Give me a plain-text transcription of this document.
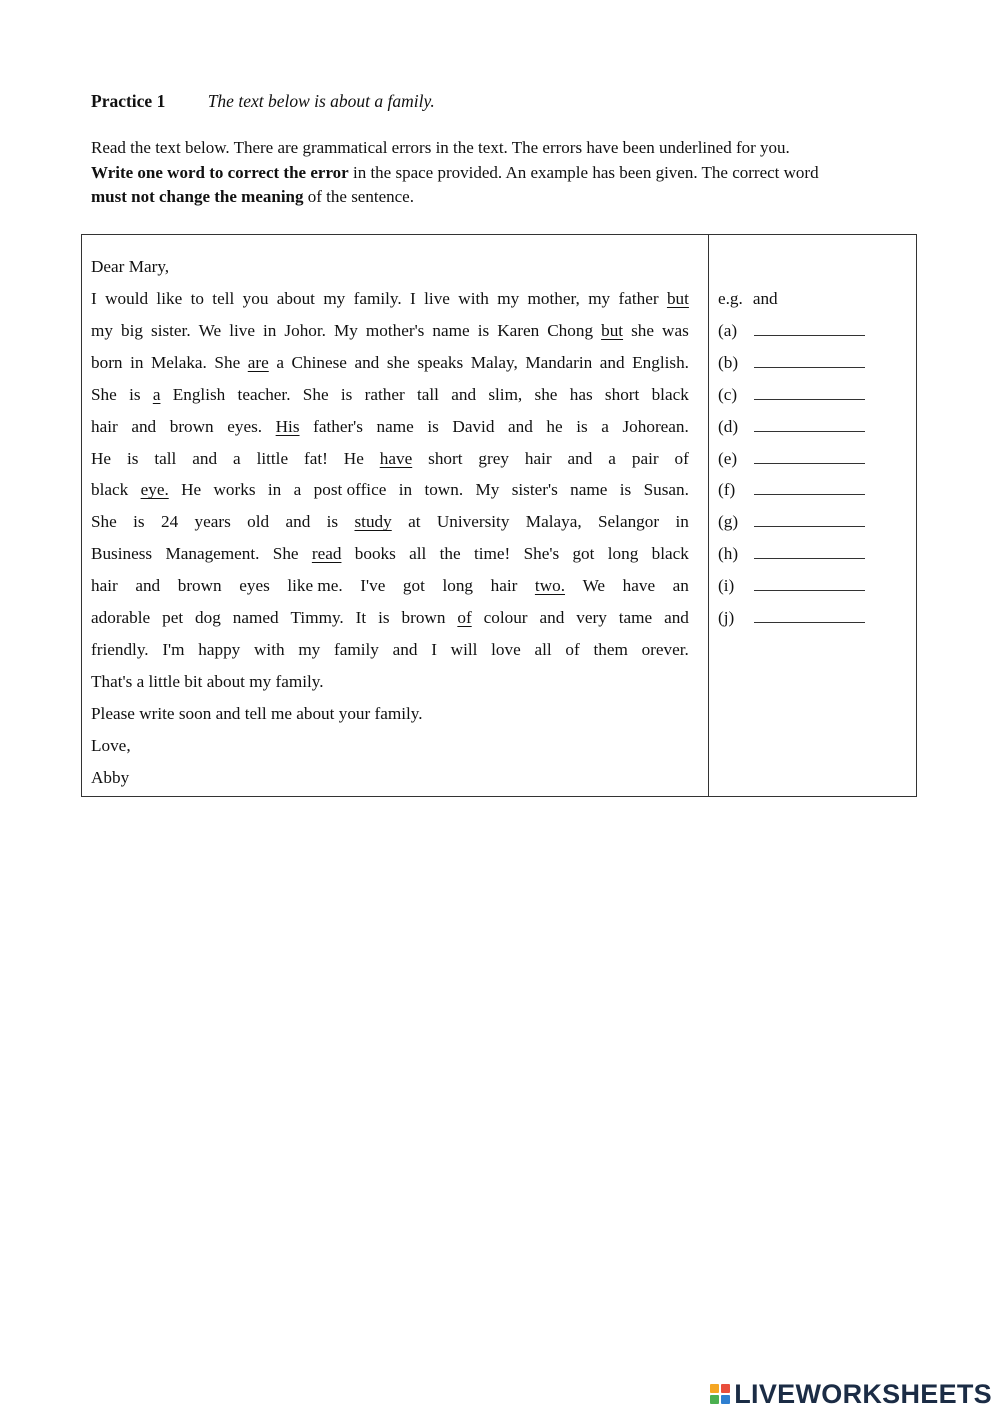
Practice 1 The text below is about a family.
Read the text below. There are grammatical errors in the text. The errors have been underlined for you.
Write one word to correct the error in the space provided. An example has been given. The correct word
must not change the meaning of the sentence.
Dear Mary,
I would like to tell you about my family. I live with my mother, my father but
my big sister. We live in Johor. My mother's name is Karen Chong but she was
born in Melaka. She are a Chinese and she speaks Malay, Mandarin and English.
She is a English teacher. She is rather tall and slim, she has short black
hair and brown eyes. His father's name is David and he is a Johorean.
He is tall and a little fat! He have short grey hair and a pair of
black eye. He works in a post office in town. My sister's name is Susan.
She is 24 years old and is study at University Malaya, Selangor in
Business Management. She read books all the time! She's got long black
hair and brown eyes like me. I've got long hair two. We have an
adorable pet dog named Timmy. It is brown of colour and very tame and
friendly. I'm happy with my family and I will love all of them orever.
That's a little bit about my family.
Please write soon and tell me about your family.
Love,
Abby
e.g. and
(a)
(b)
(c)
(d)
(e)
(f)
(g)
(h)
(i)
(j)
LIVEWORKSHEETS
